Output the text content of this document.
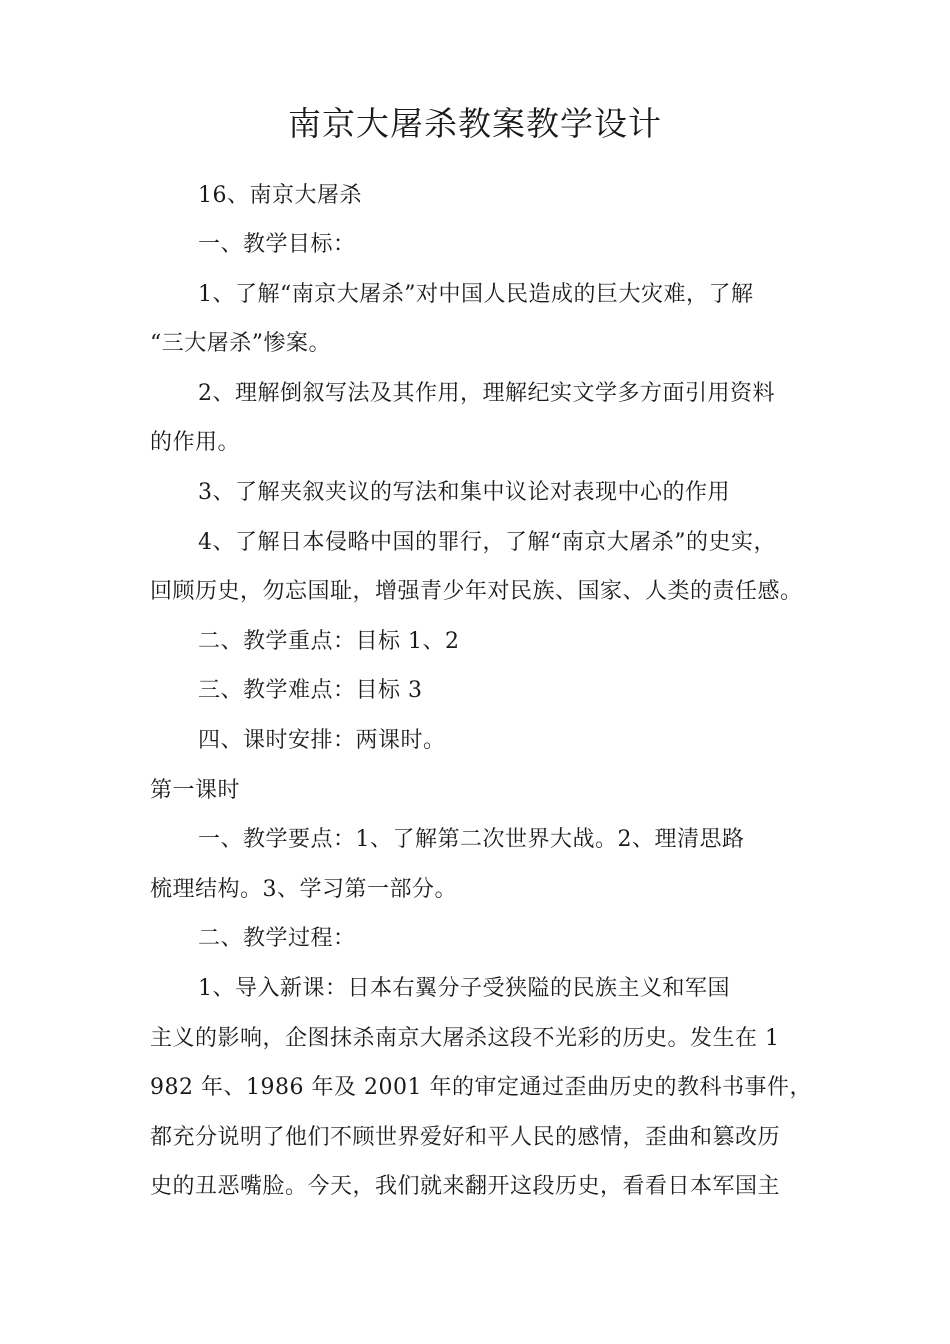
南京大屠杀教案教学设计
16、南京大屠杀
一、教学目标：
1、了解“南京大屠杀”对中国人民造成的巨大灾难，了解
“三大屠杀”惨案。
2、理解倒叙写法及其作用，理解纪实文学多方面引用资料
的作用。
3、了解夹叙夹议的写法和集中议论对表现中心的作用
4、了解日本侵略中国的罪行，了解“南京大屠杀”的史实，
回顾历史，勿忘国耻，增强青少年对民族、国家、人类的责任感。
二、教学重点：目标 1、2
三、教学难点：目标 3
四、课时安排：两课时。
第一课时
一、教学要点：1、了解第二次世界大战。2、理清思路
梳理结构。3、学习第一部分。
二、教学过程：
1、导入新课：日本右翼分子受狭隘的民族主义和军国
主义的影响，企图抹杀南京大屠杀这段不光彩的历史。发生在 1
982 年、1986 年及 2001 年的审定通过歪曲历史的教科书事件，
都充分说明了他们不顾世界爱好和平人民的感情，歪曲和篡改历
史的丑恶嘴脸。今天，我们就来翻开这段历史，看看日本军国主
